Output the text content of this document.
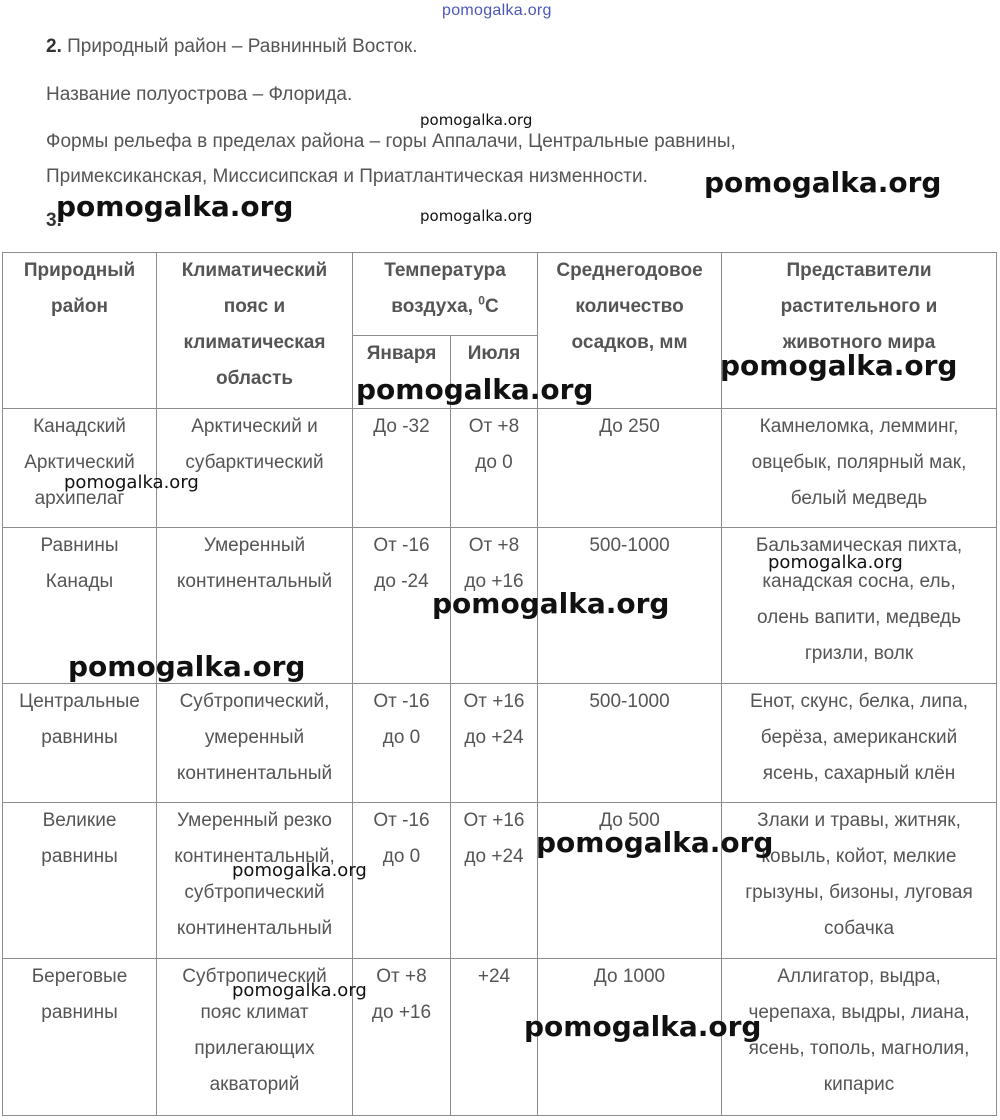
pomogalka.org
2. Природный район – Равнинный Восток.
Название полуострова – Флорида.
Формы рельефа в пределах района – горы Аппалачи, Центральные равнины,
Примексиканская, Миссисипская и Приатлантическая низменности.
3.
Природный
район	Климатический
пояс и
климатическая
область	Температура
воздуха, $^0$C		Среднегодовое
количество
осадков, мм	Представители
растительного и
животного мира

		Января	Июля		

Канадский
Арктический
архипелаг	Арктический и
субарктический	До -32	От +8
до 0	До 250	Камнеломка, лемминг,
овцебык, полярный мак,
белый медведь

Равнины
Канады	Умеренный
континентальный	От -16
до -24	От +8
до +16	500-1000	Бальзамическая пихта,
канадская сосна, ель,
олень вапити, медведь
гризли, волк

Центральные
равнины	Субтропический,
умеренный
континентальный	От -16
до 0	От +16
до +24	500-1000	Енот, скунс, белка, липа,
берёза, американский
ясень, сахарный клён

Великие
равнины	Умеренный резко
континентальный,
субтропический
континентальный	От -16
до 0	От +16
до +24	До 500	Злаки и травы, житняк,
ковыль, койот, мелкие
грызуны, бизоны, луговая
собачка

Береговые
равнины	Субтропический
пояс климат
прилегающих
акваторий	От +8
до +16	+24	До 1000	Аллигатор, выдра,
черепаха, выдры, лиана,
ясень, тополь, магнолия,
кипарис
pomogalka.org
pomogalka.org
pomogalka.org	pomogalka.org
pomogalka.org
pomogalka.org
pomogalka.org
pomogalka.org
pomogalka.org
pomogalka.org
pomogalka.org
pomogalka.org
pomogalka.org
pomogalka.org
